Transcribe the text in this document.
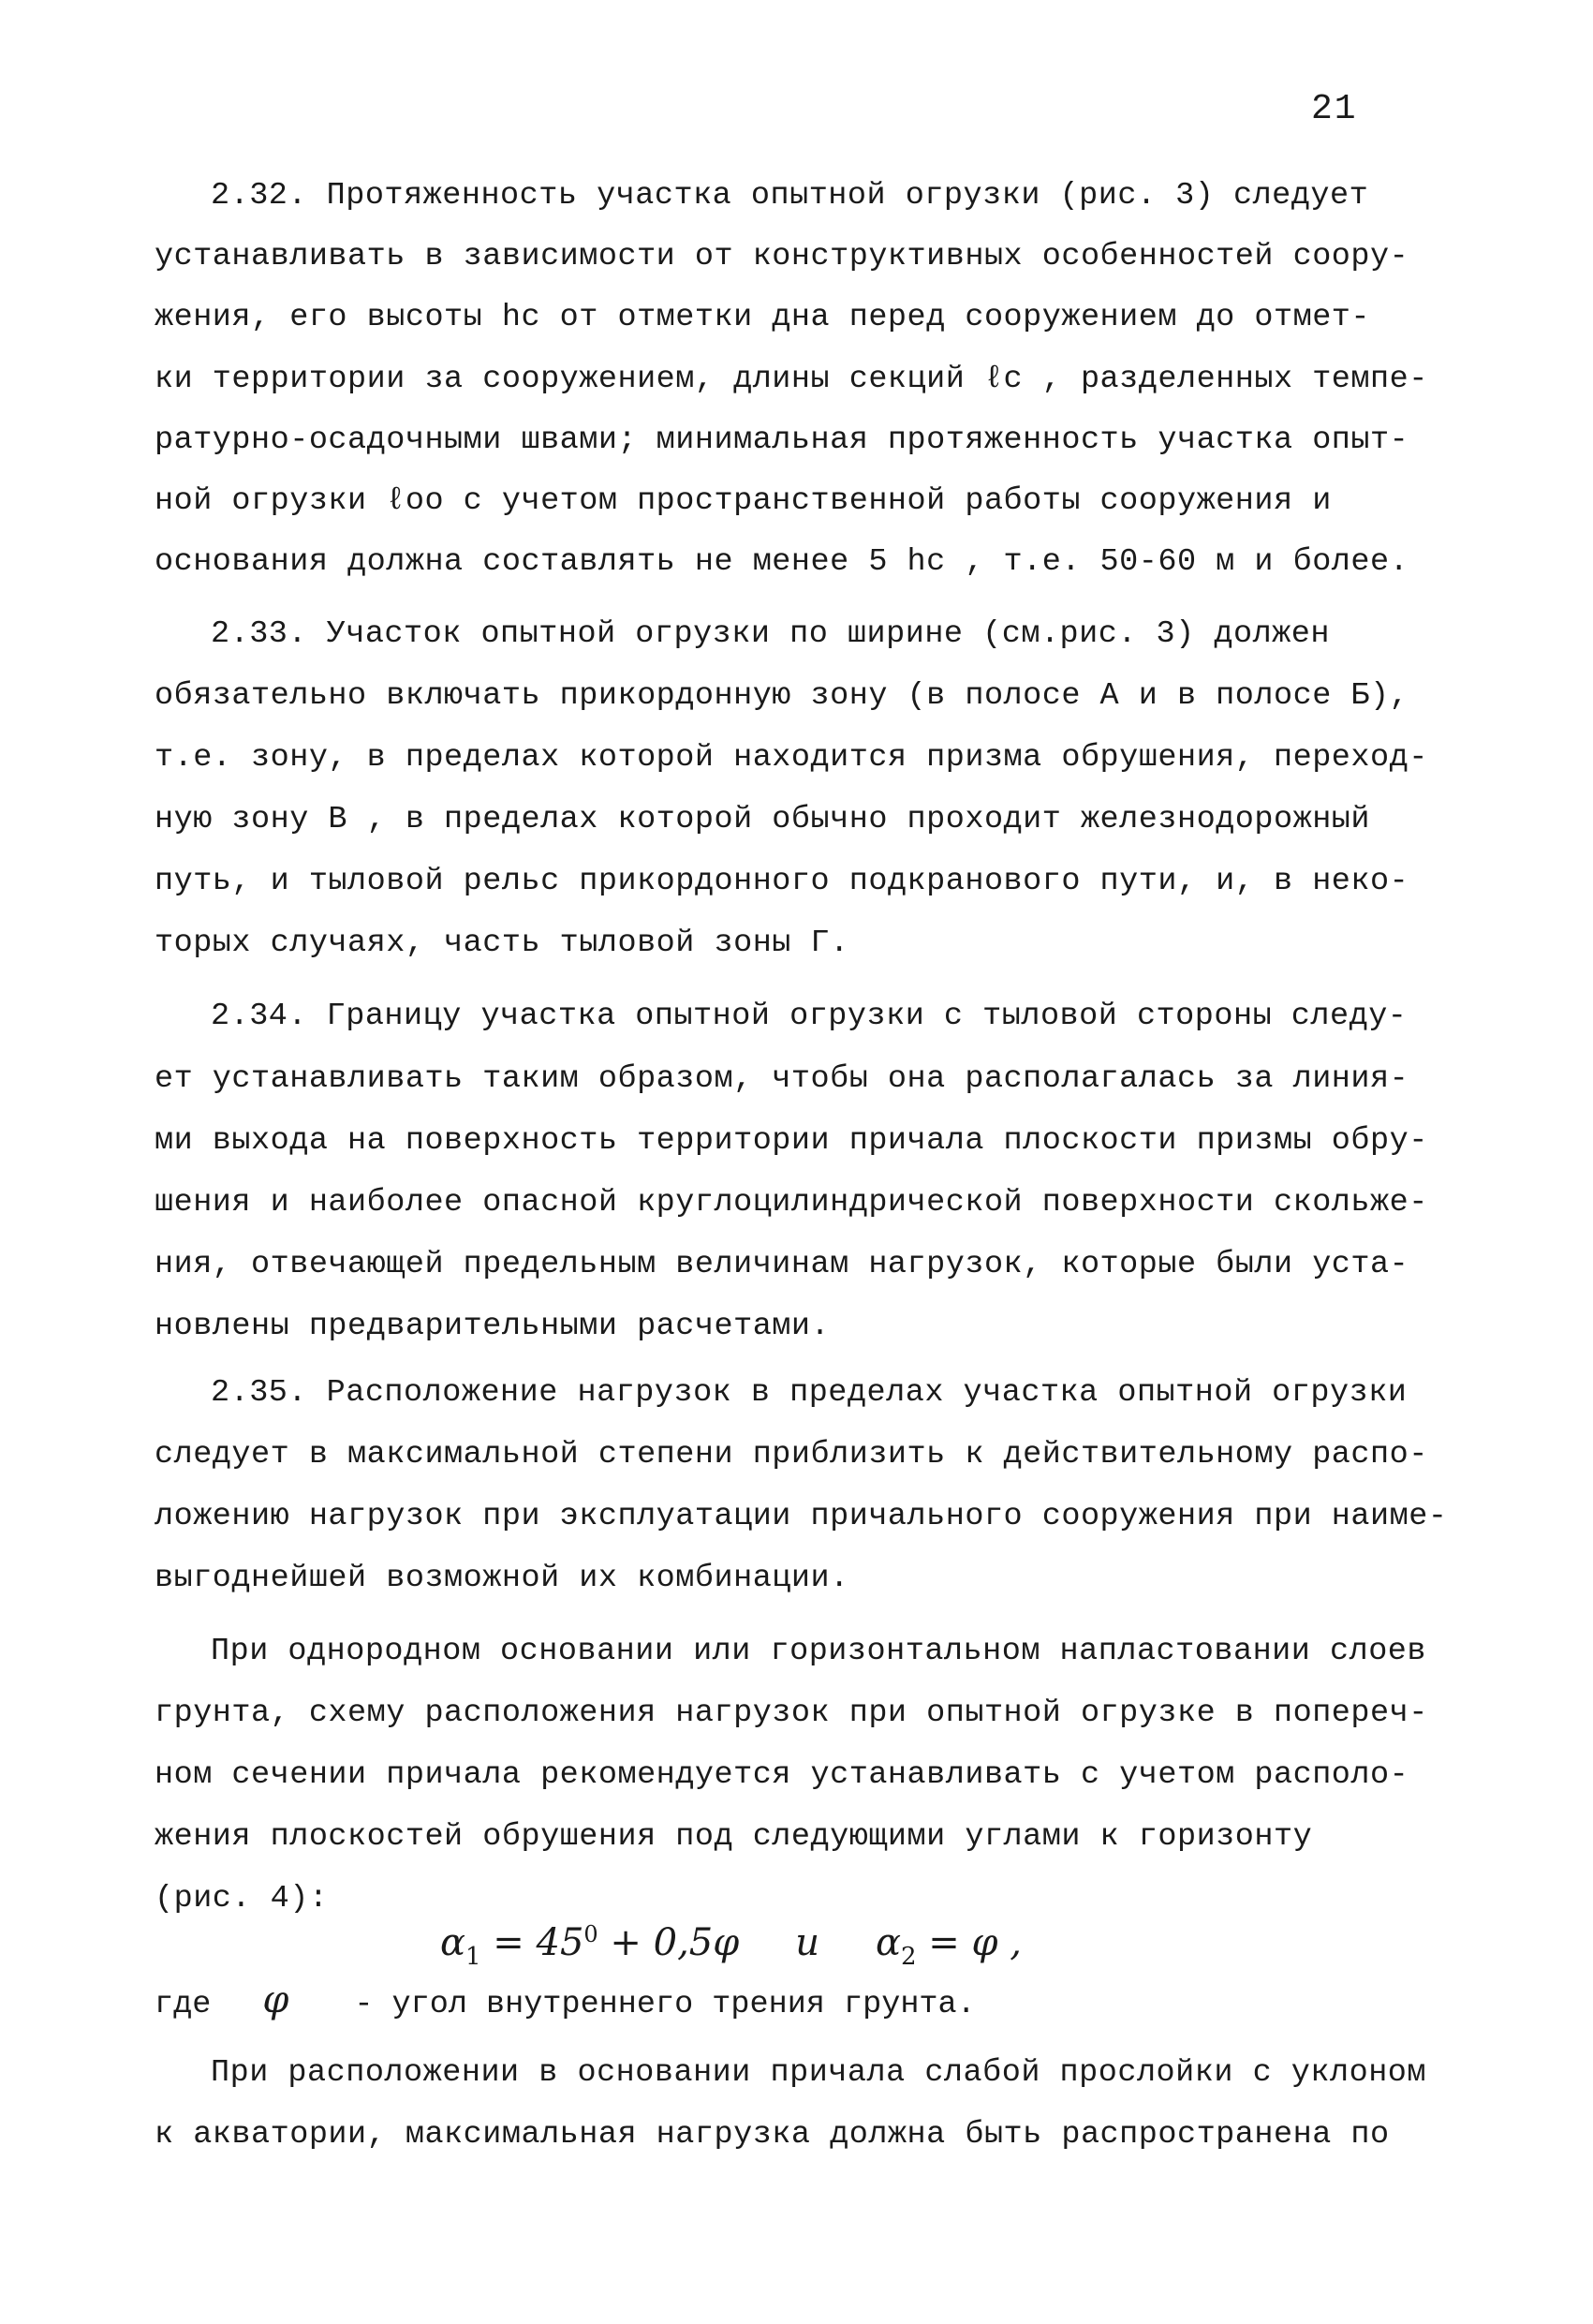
21
2.32. Протяженность участка опытной огрузки (рис. 3) следует
устанавливать в зависимости от конструктивных особенностей соору-
жения, его высоты hс от отметки дна перед сооружением до отмет-
ки территории за сооружением, длины секций ℓс , разделенных темпе-
ратурно-осадочными швами; минимальная протяженность участка опыт-
ной огрузки ℓоо с учетом пространственной работы сооружения и
основания должна составлять не менее 5 hс , т.е. 50-60 м и более.
2.33. Участок опытной огрузки по ширине (см.рис. 3) должен
обязательно включать прикордонную зону (в полосе А и в полосе Б),
т.е. зону, в пределах которой находится призма обрушения, переход-
ную зону В , в пределах которой обычно проходит железнодорожный
путь, и тыловой рельс прикордонного подкранового пути, и, в неко-
торых случаях, часть тыловой зоны Г.
2.34. Границу участка опытной огрузки с тыловой стороны следу-
ет устанавливать таким образом, чтобы она располагалась за линия-
ми выхода на поверхность территории причала плоскости призмы обру-
шения и наиболее опасной круглоцилиндрической поверхности скольже-
ния, отвечающей предельным величинам нагрузок, которые были уста-
новлены предварительными расчетами.
2.35. Расположение нагрузок в пределах участка опытной огрузки
следует в максимальной степени приблизить к действительному распо-
ложению нагрузок при эксплуатации причального сооружения при наиме-
выгоднейшей возможной их комбинации.
При однородном основании или горизонтальном напластовании слоев
грунта, схему расположения нагрузок при опытной огрузке в попереч-
ном сечении причала рекомендуется устанавливать с учетом располо-
жения плоскостей обрушения под следующими углами к горизонту
(рис. 4):
$\alpha_1 = 45^0 + 0,5\varphi$ и $\alpha_2 = \varphi$ ,
где φ - угол внутреннего трения грунта.
При расположении в основании причала слабой прослойки с уклоном
к акватории, максимальная нагрузка должна быть распространена по
